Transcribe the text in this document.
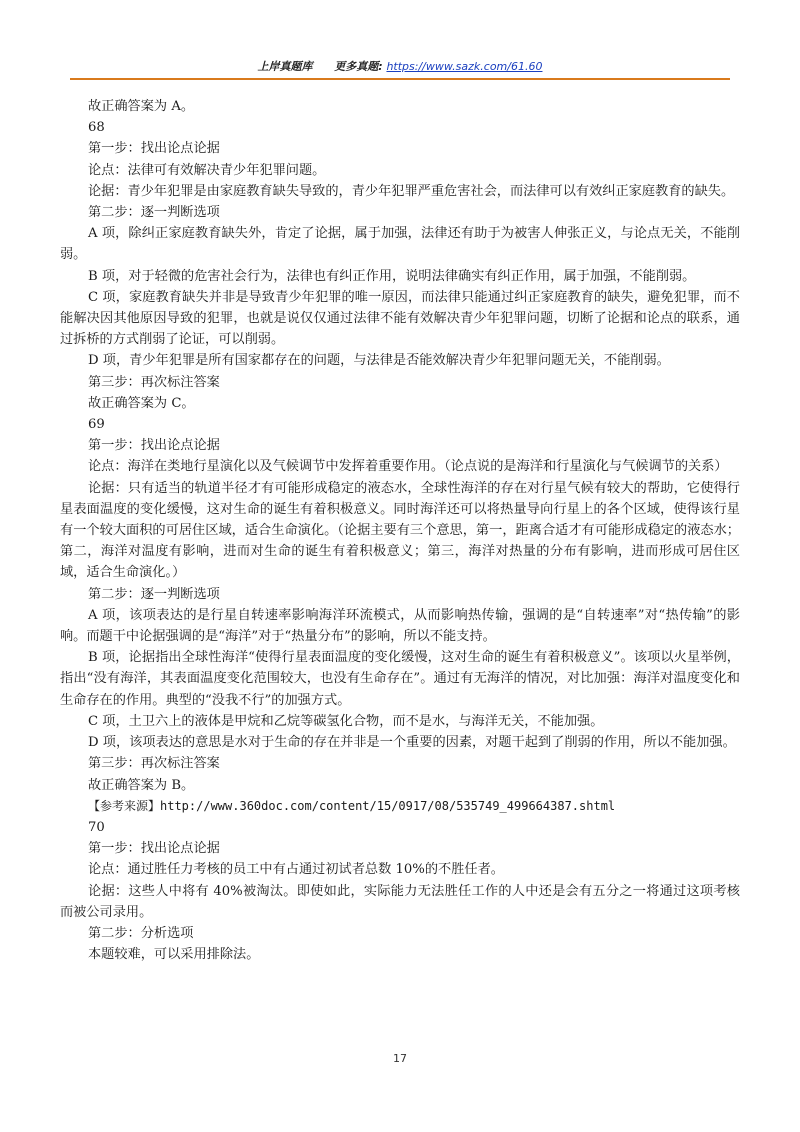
上岸真题库 更多真题: https://www.sazk.com/61.60

故正确答案为 A。

68

第一步：找出论点论据

论点：法律可有效解决青少年犯罪问题。

论据：青少年犯罪是由家庭教育缺失导致的，青少年犯罪严重危害社会，而法律可以有效纠正家庭教育的缺失。

第二步：逐一判断选项

A 项，除纠正家庭教育缺失外，肯定了论据，属于加强，法律还有助于为被害人伸张正义，与论点无关，不能削弱。

B 项，对于轻微的危害社会行为，法律也有纠正作用，说明法律确实有纠正作用，属于加强，不能削弱。

C 项，家庭教育缺失并非是导致青少年犯罪的唯一原因，而法律只能通过纠正家庭教育的缺失，避免犯罪，而不能解决因其他原因导致的犯罪，也就是说仅仅通过法律不能有效解决青少年犯罪问题，切断了论据和论点的联系，通过拆桥的方式削弱了论证，可以削弱。

D 项，青少年犯罪是所有国家都存在的问题，与法律是否能效解决青少年犯罪问题无关，不能削弱。

第三步：再次标注答案

故正确答案为 C。

69

第一步：找出论点论据

论点：海洋在类地行星演化以及气候调节中发挥着重要作用。（论点说的是海洋和行星演化与气候调节的关系）

论据：只有适当的轨道半径才有可能形成稳定的液态水，全球性海洋的存在对行星气候有较大的帮助，它使得行星表面温度的变化缓慢，这对生命的诞生有着积极意义。同时海洋还可以将热量导向行星上的各个区域，使得该行星有一个较大面积的可居住区域，适合生命演化。（论据主要有三个意思，第一，距离合适才有可能形成稳定的液态水；第二，海洋对温度有影响，进而对生命的诞生有着积极意义；第三，海洋对热量的分布有影响，进而形成可居住区域，适合生命演化。）

第二步：逐一判断选项

A 项，该项表达的是行星自转速率影响海洋环流模式，从而影响热传输，强调的是“自转速率”对“热传输”的影响。而题干中论据强调的是“海洋”对于“热量分布”的影响，所以不能支持。

B 项，论据指出全球性海洋“使得行星表面温度的变化缓慢，这对生命的诞生有着积极意义”。该项以火星举例，指出“没有海洋，其表面温度变化范围较大，也没有生命存在”。通过有无海洋的情况，对比加强：海洋对温度变化和生命存在的作用。典型的“没我不行”的加强方式。

C 项，土卫六上的液体是甲烷和乙烷等碳氢化合物，而不是水，与海洋无关，不能加强。

D 项，该项表达的意思是水对于生命的存在并非是一个重要的因素，对题干起到了削弱的作用，所以不能加强。

第三步：再次标注答案

故正确答案为 B。

【参考来源】http://www.360doc.com/content/15/0917/08/535749_499664387.shtml

70

第一步：找出论点论据

论点：通过胜任力考核的员工中有占通过初试者总数 10%的不胜任者。

论据：这些人中将有 40%被淘汰。即使如此，实际能力无法胜任工作的人中还是会有五分之一将通过这项考核而被公司录用。

第二步：分析选项

本题较难，可以采用排除法。

17
